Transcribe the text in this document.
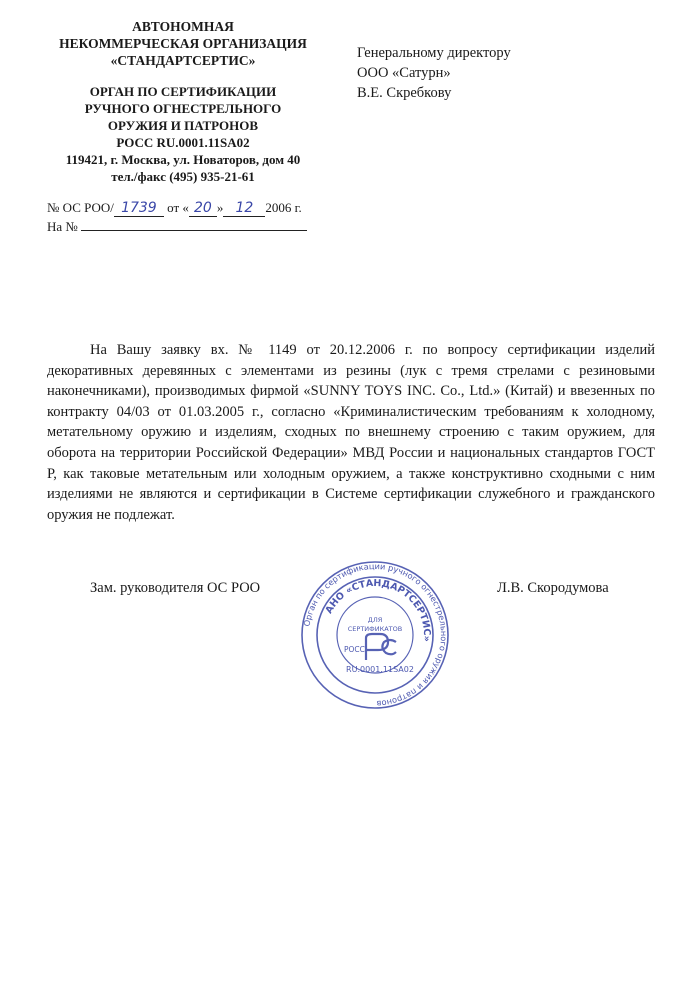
АВТОНОМНАЯ
НЕКОММЕРЧЕСКАЯ ОРГАНИЗАЦИЯ
«СТАНДАРТСЕРТИС»
ОРГАН ПО СЕРТИФИКАЦИИ
РУЧНОГО ОГНЕСТРЕЛЬНОГО
ОРУЖИЯ И ПАТРОНОВ
РОСС RU.0001.11SA02
119421, г. Москва, ул. Новаторов, дом 40
тел./факс (495) 935-21-61
№ ОС РОО/ 1739 от « 20 » 12 2006 г.
На №
Генеральному директору
ООО «Сатурн»
В.Е. Скребкову
На Вашу заявку вх. № 1149 от 20.12.2006 г. по вопросу сертификации изделий декоративных деревянных с элементами из резины (лук с тремя стрелами с резиновыми наконечниками), производимых фирмой «SUNNY TOYS INC. Co., Ltd.» (Китай) и ввезенных по контракту 04/03 от 01.03.2005 г., согласно «Криминалистическим требованиям к холодному, метательному оружию и изделиям, сходных по внешнему строению с таким оружием, для оборота на территории Российской Федерации» МВД России и национальных стандартов ГОСТ Р, как таковые метательным или холодным оружием, а также конструктивно сходными с ним изделиями не являются и сертификации в Системе сертификации служебного и гражданского оружия не подлежат.
Зам. руководителя ОС РОО	Л.В. Скородумова
Орган по сертификации ручного огнестрельного оружия и патронов
АНО «СТАНДАРТСЕРТИС»
ДЛЯ
СЕРТИФИКАТОВ
РОСС
RU.0001.11SA02
